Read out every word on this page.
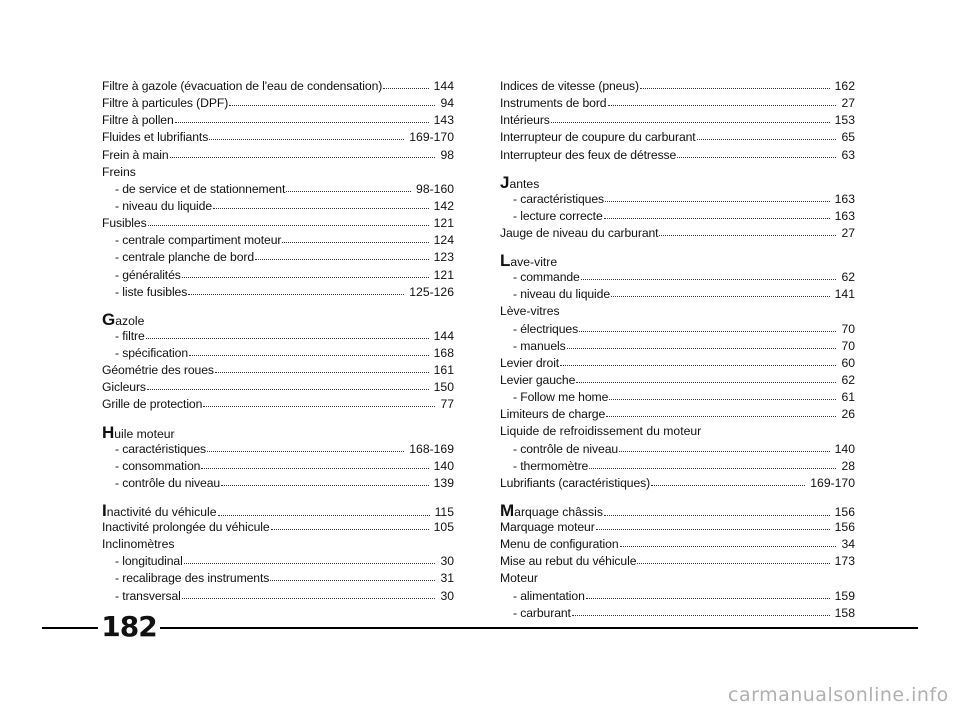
Filtre à gazole (évacuation de l'eau de condensation)	144
Filtre à particules (DPF)	94
Filtre à pollen	143
Fluides et lubrifiants	169-170
Frein à main	98
Freins
- de service et de stationnement	98-160
- niveau du liquide	142
Fusibles	121
- centrale compartiment moteur	124
- centrale planche de bord	123
- généralités	121
- liste fusibles	125-126
G azole
- filtre	144
- spécification	168
Géométrie des roues	161
Gicleurs	150
Grille de protection	77
H uile moteur
- caractéristiques	168-169
- consommation	140
- contrôle du niveau	139
I nactivité du véhicule	115
Inactivité prolongée du véhicule	105
Inclinomètres
- longitudinal	30
- recalibrage des instruments	31
- transversal	30
Indices de vitesse (pneus)	162
Instruments de bord	27
Intérieurs	153
Interrupteur de coupure du carburant	65
Interrupteur des feux de détresse	63
J antes
- caractéristiques	163
- lecture correcte	163
Jauge de niveau du carburant	27
L ave-vitre
- commande	62
- niveau du liquide	141
Lève-vitres
- électriques	70
- manuels	70
Levier droit	60
Levier gauche	62
- Follow me home	61
Limiteurs de charge	26
Liquide de refroidissement du moteur
- contrôle de niveau	140
- thermomètre	28
Lubrifiants (caractéristiques)	169-170
M arquage châssis	156
Marquage moteur	156
Menu de configuration	34
Mise au rebut du véhicule	173
Moteur
- alimentation	159
- carburant	158
182
carmanualsonline.info
